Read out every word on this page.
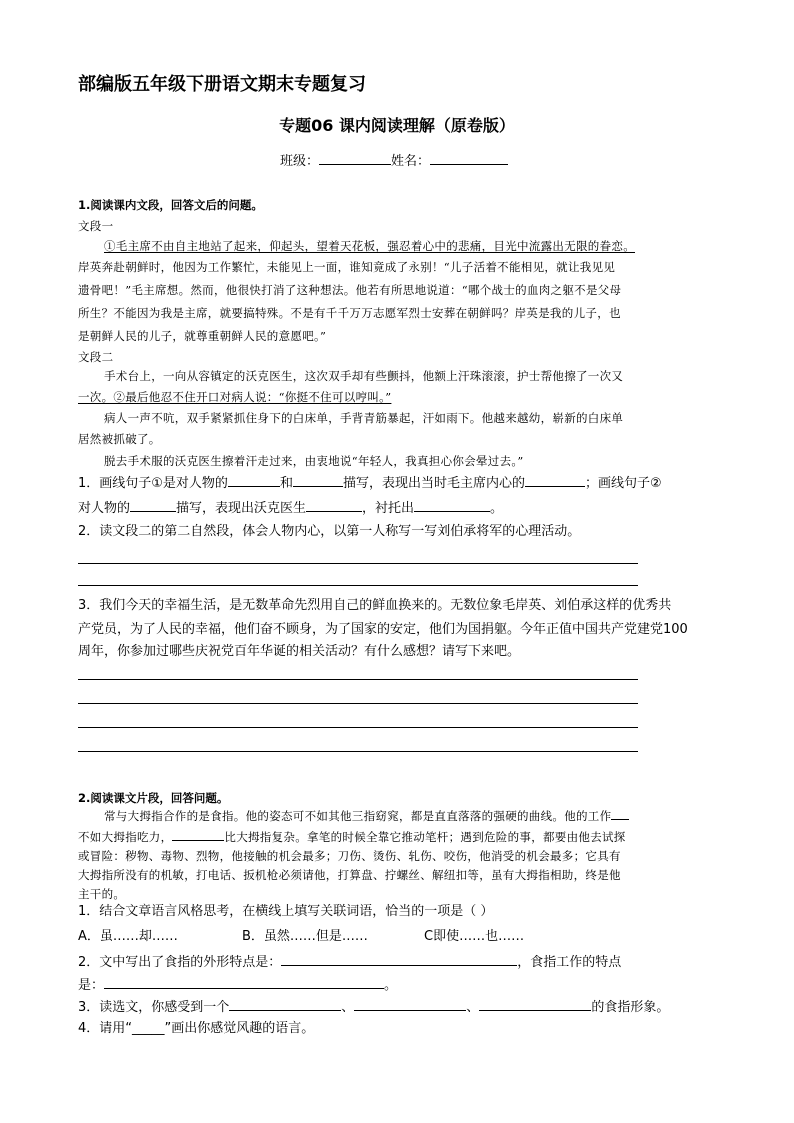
部编版五年级下册语文期末专题复习
专题06 课内阅读理解（原卷版）
班级：	姓名：
1.阅读课内文段，回答文后的问题。
文段一
①毛主席不由自主地站了起来，仰起头，望着天花板，强忍着心中的悲痛，目光中流露出无限的眷恋。
岸英奔赴朝鲜时，他因为工作繁忙，未能见上一面，谁知竟成了永别！“儿子活着不能相见，就让我见见
遗骨吧！”毛主席想。然而，他很快打消了这种想法。他若有所思地说道：“哪个战士的血肉之躯不是父母
所生？不能因为我是主席，就要搞特殊。不是有千千万万志愿军烈士安葬在朝鲜吗？岸英是我的儿子，也
是朝鲜人民的儿子，就尊重朝鲜人民的意愿吧。”
文段二
手术台上，一向从容镇定的沃克医生，这次双手却有些颤抖，他额上汗珠滚滚，护士帮他擦了一次又
一次。②最后他忍不住开口对病人说：“你挺不住可以哼叫。”
病人一声不吭，双手紧紧抓住身下的白床单，手背青筋暴起，汗如雨下。他越来越幼，崭新的白床单
居然被抓破了。
脱去手术服的沃克医生擦着汗走过来，由衷地说“年轻人，我真担心你会晕过去。”
1．画线句子①是对人物的	和	描写，表现出当时毛主席内心的	；画线句子②
对人物的	描写，表现出沃克医生	，衬托出	。
2．读文段二的第二自然段，体会人物内心，以第一人称写一写刘伯承将军的心理活动。
3．我们今天的幸福生活，是无数革命先烈用自己的鲜血换来的。无数位象毛岸英、刘伯承这样的优秀共
产党员，为了人民的幸福，他们奋不顾身，为了国家的安定，他们为国捐躯。今年正值中国共产党建党100
周年，你参加过哪些庆祝党百年华诞的相关活动？有什么感想？请写下来吧。
2.阅读课文片段，回答问题。
常与大拇指合作的是食指。他的姿态可不如其他三指窈窕，都是直直落落的强硬的曲线。他的工作
不如大拇指吃力，	比大拇指复杂。拿笔的时候全靠它推动笔杆；遇到危险的事，都要由他去试探
或冒险：秽物、毒物、烈物，他接触的机会最多；刀伤、烫伤、轧伤、咬伤，他消受的机会最多；它具有
大拇指所没有的机敏，打电话、扳机枪必须请他，打算盘、拧螺丝、解纽扣等，虽有大拇指相助，终是他
主干的。
1．结合文章语言风格思考，在横线上填写关联词语，恰当的一项是（ ）
A．虽……却……	B．虽然……但是……	C即使……也……
2．文中写出了食指的外形特点是：	，食指工作的特点
是：	。
3．读选文，你感受到一个	、	、	的食指形象。
4．请用“_____”画出你感觉风趣的语言。
